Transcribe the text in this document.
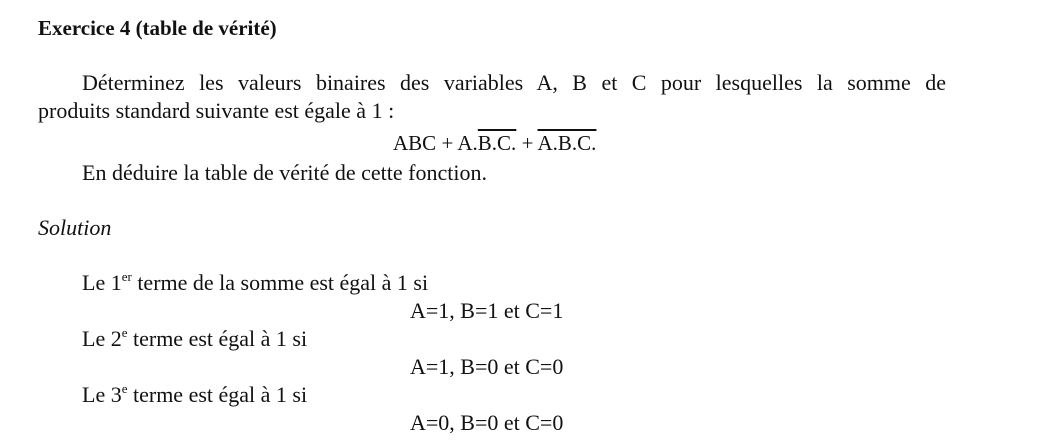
Exercice 4 (table de vérité)
Déterminez les valeurs binaires des variables A, B et C pour lesquelles la somme de
produits standard suivante est égale à 1 :
ABC + A.B.C. + A.B.C.
En déduire la table de vérité de cette fonction.
Solution
Le 1er terme de la somme est égal à 1 si
A=1, B=1 et C=1
Le 2e terme est égal à 1 si
A=1, B=0 et C=0
Le 3e terme est égal à 1 si
A=0, B=0 et C=0
